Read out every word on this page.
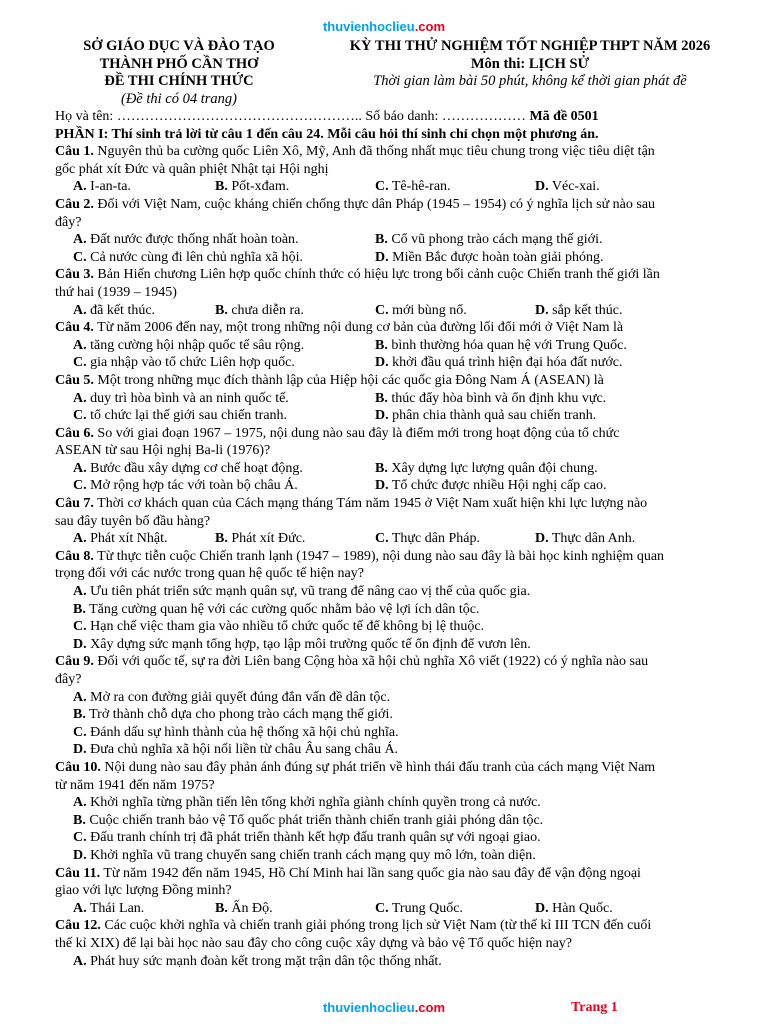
thuvienhoclieu.com
SỞ GIÁO DỤC VÀ ĐÀO TẠO
THÀNH PHỐ CẦN THƠ
ĐỀ THI CHÍNH THỨC
(Đề thi có 04 trang)
KỲ THI THỬ NGHIỆM TỐT NGHIỆP THPT NĂM 2026
Môn thi: LỊCH SỬ
Thời gian làm bài 50 phút, không kể thời gian phát đề
Họ và tên: …………………………………………….. Số báo danh: ……………… Mã đề 0501
PHẦN I: Thí sinh trả lời từ câu 1 đến câu 24. Mỗi câu hỏi thí sinh chỉ chọn một phương án.
Câu 1. Nguyên thủ ba cường quốc Liên Xô, Mỹ, Anh đã thống nhất mục tiêu chung trong việc tiêu diệt tận
gốc phát xít Đức và quân phiệt Nhật tại Hội nghị
A. I-an-ta.	B. Pốt-xđam.	C. Tê-hê-ran.	D. Véc-xai.
Câu 2. Đối với Việt Nam, cuộc kháng chiến chống thực dân Pháp (1945 – 1954) có ý nghĩa lịch sử nào sau
đây?
A. Đất nước được thống nhất hoàn toàn.	B. Cổ vũ phong trào cách mạng thế giới.
C. Cả nước cùng đi lên chủ nghĩa xã hội.	D. Miền Bắc được hoàn toàn giải phóng.
Câu 3. Bản Hiến chương Liên hợp quốc chính thức có hiệu lực trong bối cảnh cuộc Chiến tranh thế giới lần
thứ hai (1939 – 1945)
A. đã kết thúc.	B. chưa diễn ra.	C. mới bùng nổ.	D. sắp kết thúc.
Câu 4. Từ năm 2006 đến nay, một trong những nội dung cơ bản của đường lối đổi mới ở Việt Nam là
A. tăng cường hội nhập quốc tế sâu rộng.	B. bình thường hóa quan hệ với Trung Quốc.
C. gia nhập vào tổ chức Liên hợp quốc.	D. khởi đầu quá trình hiện đại hóa đất nước.
Câu 5. Một trong những mục đích thành lập của Hiệp hội các quốc gia Đông Nam Á (ASEAN) là
A. duy trì hòa bình và an ninh quốc tế.	B. thúc đẩy hòa bình và ổn định khu vực.
C. tổ chức lại thế giới sau chiến tranh.	D. phân chia thành quả sau chiến tranh.
Câu 6. So với giai đoạn 1967 – 1975, nội dung nào sau đây là điểm mới trong hoạt động của tổ chức
ASEAN từ sau Hội nghị Ba-li (1976)?
A. Bước đầu xây dựng cơ chế hoạt động.	B. Xây dựng lực lượng quân đội chung.
C. Mở rộng hợp tác với toàn bộ châu Á.	D. Tổ chức được nhiều Hội nghị cấp cao.
Câu 7. Thời cơ khách quan của Cách mạng tháng Tám năm 1945 ở Việt Nam xuất hiện khi lực lượng nào
sau đây tuyên bố đầu hàng?
A. Phát xít Nhật.	B. Phát xít Đức.	C. Thực dân Pháp.	D. Thực dân Anh.
Câu 8. Từ thực tiễn cuộc Chiến tranh lạnh (1947 – 1989), nội dung nào sau đây là bài học kinh nghiệm quan
trọng đối với các nước trong quan hệ quốc tế hiện nay?
A. Ưu tiên phát triển sức mạnh quân sự, vũ trang để nâng cao vị thế của quốc gia.
B. Tăng cường quan hệ với các cường quốc nhằm bảo vệ lợi ích dân tộc.
C. Hạn chế việc tham gia vào nhiều tổ chức quốc tế để không bị lệ thuộc.
D. Xây dựng sức mạnh tổng hợp, tạo lập môi trường quốc tế ổn định để vươn lên.
Câu 9. Đối với quốc tế, sự ra đời Liên bang Cộng hòa xã hội chủ nghĩa Xô viết (1922) có ý nghĩa nào sau
đây?
A. Mở ra con đường giải quyết đúng đắn vấn đề dân tộc.
B. Trở thành chỗ dựa cho phong trào cách mạng thế giới.
C. Đánh dấu sự hình thành của hệ thống xã hội chủ nghĩa.
D. Đưa chủ nghĩa xã hội nối liền từ châu Âu sang châu Á.
Câu 10. Nội dung nào sau đây phản ánh đúng sự phát triển về hình thái đấu tranh của cách mạng Việt Nam
từ năm 1941 đến năm 1975?
A. Khởi nghĩa từng phần tiến lên tổng khởi nghĩa giành chính quyền trong cả nước.
B. Cuộc chiến tranh bảo vệ Tổ quốc phát triển thành chiến tranh giải phóng dân tộc.
C. Đấu tranh chính trị đã phát triển thành kết hợp đấu tranh quân sự với ngoại giao.
D. Khởi nghĩa vũ trang chuyển sang chiến tranh cách mạng quy mô lớn, toàn diện.
Câu 11. Từ năm 1942 đến năm 1945, Hồ Chí Minh hai lần sang quốc gia nào sau đây để vận động ngoại
giao với lực lượng Đồng minh?
A. Thái Lan.	B. Ấn Độ.	C. Trung Quốc.	D. Hàn Quốc.
Câu 12. Các cuộc khởi nghĩa và chiến tranh giải phóng trong lịch sử Việt Nam (từ thế kỉ III TCN đến cuối
thế kỉ XIX) để lại bài học nào sau đây cho công cuộc xây dựng và bảo vệ Tổ quốc hiện nay?
A. Phát huy sức mạnh đoàn kết trong mặt trận dân tộc thống nhất.
thuvienhoclieu.com	Trang 1
